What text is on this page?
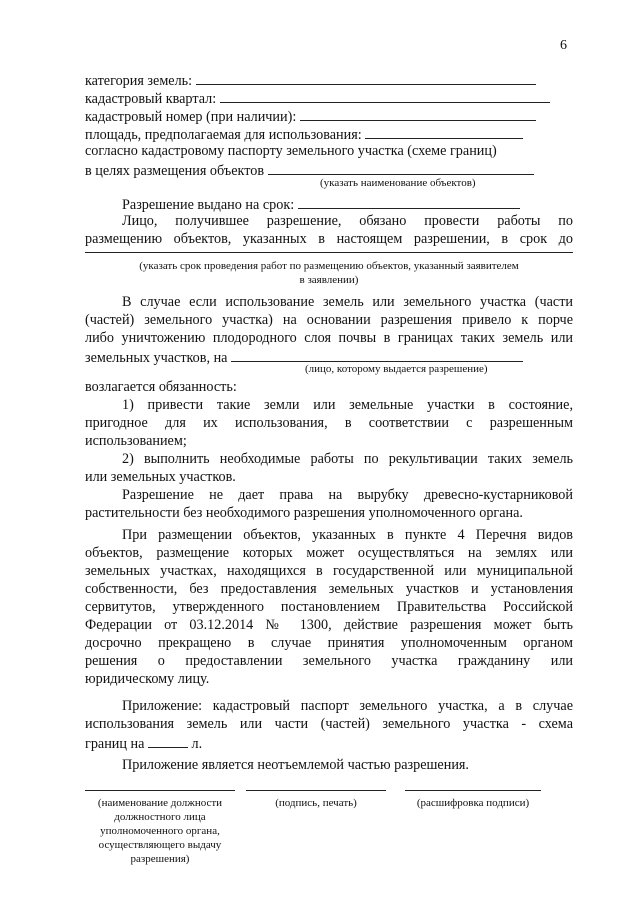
6
категория земель:
кадастровый квартал:
кадастровый номер (при наличии):
площадь, предполагаемая для использования:
согласно кадастровому паспорту земельного участка (схеме границ)
в целях размещения объектов
(указать наименование объектов)
Разрешение выдано на срок:
Лицо, получившее разрешение, обязано провести работы по
размещению объектов, указанных в настоящем разрешении, в срок до
(указать срок проведения работ по размещению объектов, указанный заявителем
в заявлении)
В случае если использование земель или земельного участка (части
(частей) земельного участка) на основании разрешения привело к порче
либо уничтожению плодородного слоя почвы в границах таких земель или
земельных участков, на
(лицо, которому выдается разрешение)
возлагается обязанность:
1) привести такие земли или земельные участки в состояние,
пригодное для их использования, в соответствии с разрешенным
использованием;
2) выполнить необходимые работы по рекультивации таких земель
или земельных участков.
Разрешение не дает права на вырубку древесно-кустарниковой
растительности без необходимого разрешения уполномоченного органа.
При размещении объектов, указанных в пункте 4 Перечня видов
объектов, размещение которых может осуществляться на землях или
земельных участках, находящихся в государственной или муниципальной
собственности, без предоставления земельных участков и установления
сервитутов, утвержденного постановлением Правительства Российской
Федерации от 03.12.2014 № 1300, действие разрешения может быть
досрочно прекращено в случае принятия уполномоченным органом
решения о предоставлении земельного участка гражданину или
юридическому лицу.
Приложение: кадастровый паспорт земельного участка, а в случае
использования земель или части (частей) земельного участка - схема
границ на	л.
Приложение является неотъемлемой частью разрешения.
(наименование должности
должностного лица
уполномоченного органа,
осуществляющего выдачу
разрешения)
(подпись, печать)	(расшифровка подписи)
